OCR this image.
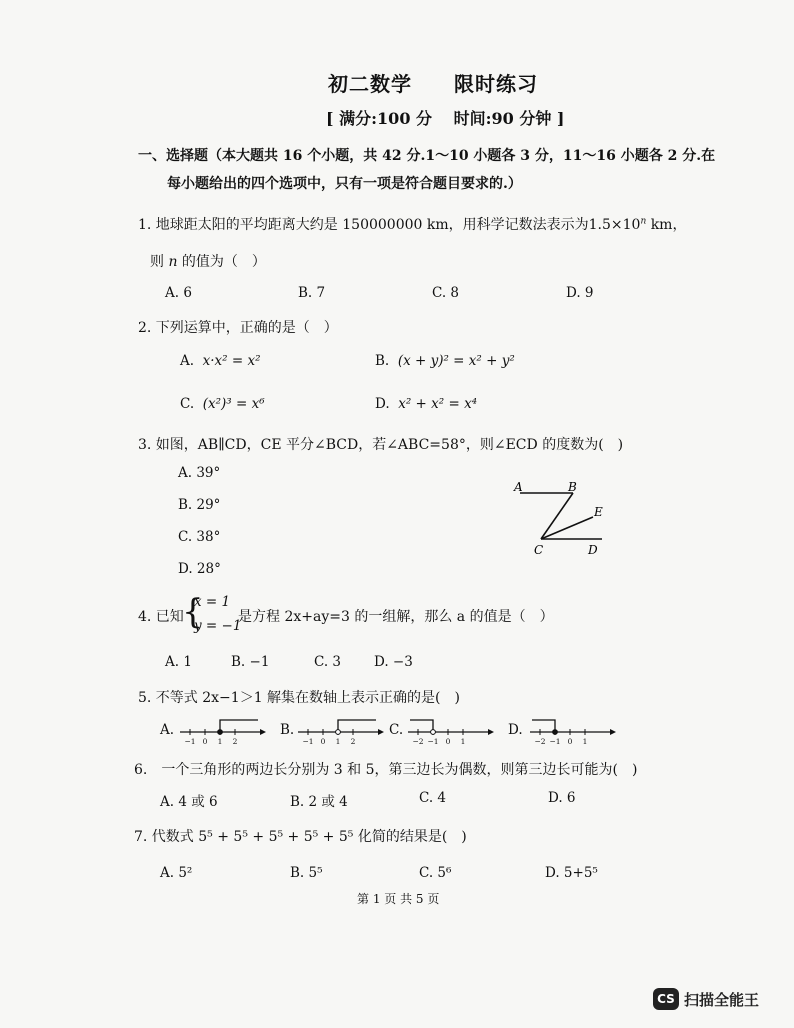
初二数学　　限时练习
[ 满分:100 分　 时间:90 分钟 ]
一、选择题（本大题共 16 个小题，共 42 分.1～10 小题各 3 分，11～16 小题各 2 分.在
每小题给出的四个选项中，只有一项是符合题目要求的.）
1. 地球距太阳的平均距离大约是 150000000 km，用科学记数法表示为$1.5\times 10^n$ km，
则 n 的值为（　）
A. 6	B. 7	C. 8	D. 9
2. 下列运算中，正确的是（　）
A. x·x² = x²	B. (x + y)² = x² + y²
C. (x²)³ = x⁶	D. x² + x² = x⁴
3. 如图，AB∥CD，CE 平分∠BCD，若∠ABC=58°，则∠ECD 的度数为(　)
A. 39°
B. 29°
C. 38°
D. 28°
A	B
E
C	D
4. 已知
{
x = 1
y = −1
是方程 2x+ay=3 的一组解，那么 a 的值是（　）
A. 1	B. −1	C. 3 D. −3
5. 不等式 2x−1＞1 解集在数轴上表示正确的是(　)
A.	B.	C.	D.
−1 0 1 2	−1 0 1 2	−2 −1 0 1	−2 −1 0 1
6.　一个三角形的两边长分别为 3 和 5，第三边长为偶数，则第三边长可能为(　)
A. 4 或 6	B. 2 或 4	C. 4	D. 6
7. 代数式 5⁵ + 5⁵ + 5⁵ + 5⁵ + 5⁵ 化简的结果是(　)
A. 5²	B. 5⁵	C. 5⁶	D. 5+5⁵
第 1 页 共 5 页
CS 扫描全能王
